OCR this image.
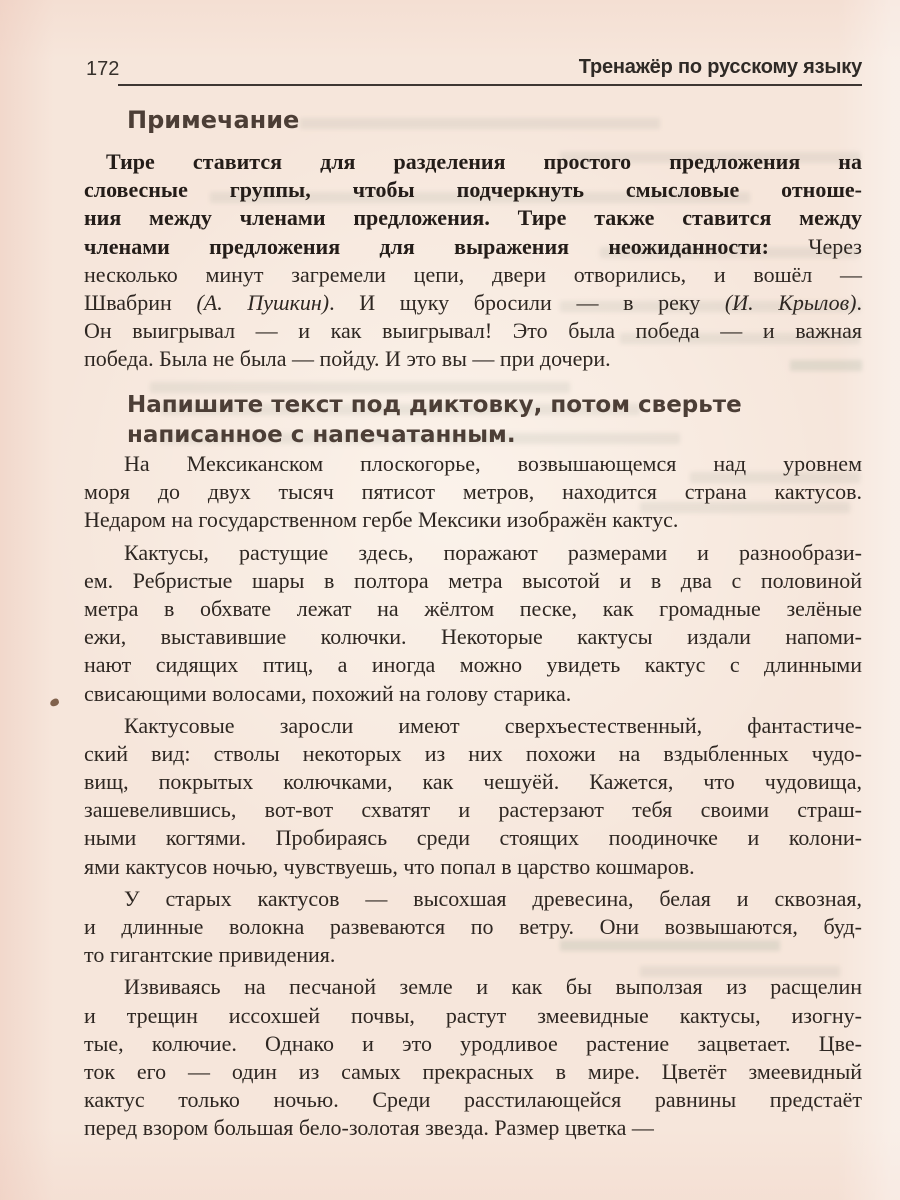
172	Тренажёр по русскому языку
Примечание
Тире ставится для разделения простого предложения на
словесные группы, чтобы подчеркнуть смысловые отноше-
ния между членами предложения. Тире также ставится между
членами предложения для выражения неожиданности: Через
несколько минут загремели цепи, двери отворились, и вошёл —
Швабрин (А. Пушкин). И щуку бросили — в реку (И. Крылов).
Он выигрывал — и как выигрывал! Это была победа — и важная
победа. Была не была — пойду. И это вы — при дочери.
Напишите текст под диктовку, потом сверьте
написанное с напечатанным.
На Мексиканском плоскогорье, возвышающемся над уровнем
моря до двух тысяч пятисот метров, находится страна кактусов.
Недаром на государственном гербе Мексики изображён кактус.
Кактусы, растущие здесь, поражают размерами и разнообрази-
ем. Ребристые шары в полтора метра высотой и в два с половиной
метра в обхвате лежат на жёлтом песке, как громадные зелёные
ежи, выставившие колючки. Некоторые кактусы издали напоми-
нают сидящих птиц, а иногда можно увидеть кактус с длинными
свисающими волосами, похожий на голову старика.
Кактусовые заросли имеют сверхъестественный, фантастиче-
ский вид: стволы некоторых из них похожи на вздыбленных чудо-
вищ, покрытых колючками, как чешуёй. Кажется, что чудовища,
зашевелившись, вот-вот схватят и растерзают тебя своими страш-
ными когтями. Пробираясь среди стоящих поодиночке и колони-
ями кактусов ночью, чувствуешь, что попал в царство кошмаров.
У старых кактусов — высохшая древесина, белая и сквозная,
и длинные волокна развеваются по ветру. Они возвышаются, буд-
то гигантские привидения.
Извиваясь на песчаной земле и как бы выползая из расщелин
и трещин иссохшей почвы, растут змеевидные кактусы, изогну-
тые, колючие. Однако и это уродливое растение зацветает. Цве-
ток его — один из самых прекрасных в мире. Цветёт змеевидный
кактус только ночью. Среди расстилающейся равнины предстаёт
перед взором большая бело-золотая звезда. Размер цветка —
